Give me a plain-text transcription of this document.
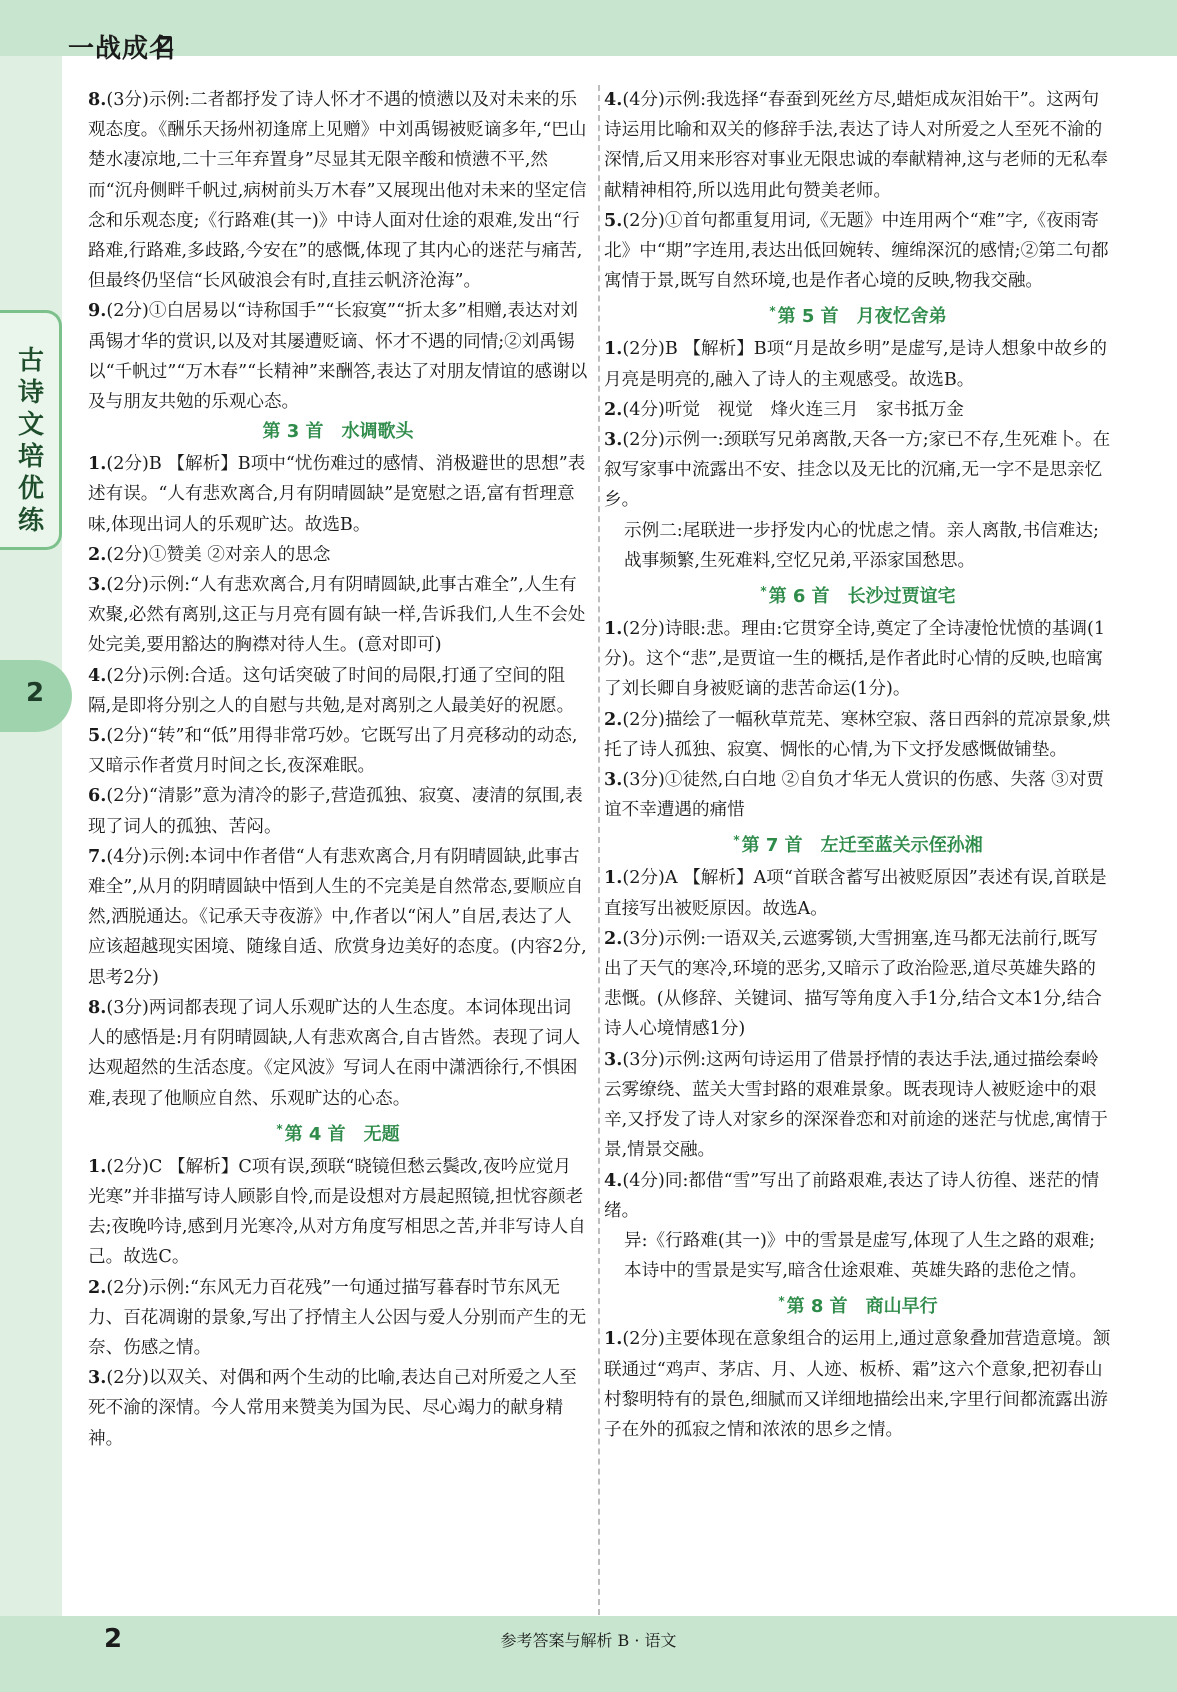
一战成名
古诗文培优练
2
8.(3分)示例:二者都抒发了诗人怀才不遇的愤懑以及对未来的乐观态度。《酬乐天扬州初逢席上见赠》中刘禹锡被贬谪多年,“巴山楚水凄凉地,二十三年弃置身”尽显其无限辛酸和愤懑不平,然而“沉舟侧畔千帆过,病树前头万木春”又展现出他对未来的坚定信念和乐观态度;《行路难(其一)》中诗人面对仕途的艰难,发出“行路难,行路难,多歧路,今安在”的感慨,体现了其内心的迷茫与痛苦,但最终仍坚信“长风破浪会有时,直挂云帆济沧海”。
9.(2分)①白居易以“诗称国手”“长寂寞”“折太多”相赠,表达对刘禹锡才华的赏识,以及对其屡遭贬谪、怀才不遇的同情;②刘禹锡以“千帆过”“万木春”“长精神”来酬答,表达了对朋友情谊的感谢以及与朋友共勉的乐观心态。
第 3 首　水调歌头
1.(2分)B 【解析】B项中“忧伤难过的感情、消极避世的思想”表述有误。“人有悲欢离合,月有阴晴圆缺”是宽慰之语,富有哲理意味,体现出词人的乐观旷达。故选B。
2.(2分)①赞美 ②对亲人的思念
3.(2分)示例:“人有悲欢离合,月有阴晴圆缺,此事古难全”,人生有欢聚,必然有离别,这正与月亮有圆有缺一样,告诉我们,人生不会处处完美,要用豁达的胸襟对待人生。(意对即可)
4.(2分)示例:合适。这句话突破了时间的局限,打通了空间的阻隔,是即将分别之人的自慰与共勉,是对离别之人最美好的祝愿。
5.(2分)“转”和“低”用得非常巧妙。它既写出了月亮移动的动态,又暗示作者赏月时间之长,夜深难眠。
6.(2分)“清影”意为清冷的影子,营造孤独、寂寞、凄清的氛围,表现了词人的孤独、苦闷。
7.(4分)示例:本词中作者借“人有悲欢离合,月有阴晴圆缺,此事古难全”,从月的阴晴圆缺中悟到人生的不完美是自然常态,要顺应自然,洒脱通达。《记承天寺夜游》中,作者以“闲人”自居,表达了人应该超越现实困境、随缘自适、欣赏身边美好的态度。(内容2分,思考2分)
8.(3分)两词都表现了词人乐观旷达的人生态度。本词体现出词人的感悟是:月有阴晴圆缺,人有悲欢离合,自古皆然。表现了词人达观超然的生活态度。《定风波》写词人在雨中潇洒徐行,不惧困难,表现了他顺应自然、乐观旷达的心态。
* 第 4 首　无题
1.(2分)C 【解析】C项有误,颈联“晓镜但愁云鬓改,夜吟应觉月光寒”并非描写诗人顾影自怜,而是设想对方晨起照镜,担忧容颜老去;夜晚吟诗,感到月光寒冷,从对方角度写相思之苦,并非写诗人自己。故选C。
2.(2分)示例:“东风无力百花残”一句通过描写暮春时节东风无力、百花凋谢的景象,写出了抒情主人公因与爱人分别而产生的无奈、伤感之情。
3.(2分)以双关、对偶和两个生动的比喻,表达自己对所爱之人至死不渝的深情。今人常用来赞美为国为民、尽心竭力的献身精神。
4.(4分)示例:我选择“春蚕到死丝方尽,蜡炬成灰泪始干”。这两句诗运用比喻和双关的修辞手法,表达了诗人对所爱之人至死不渝的深情,后又用来形容对事业无限忠诚的奉献精神,这与老师的无私奉献精神相符,所以选用此句赞美老师。
5.(2分)①首句都重复用词,《无题》中连用两个“难”字,《夜雨寄北》中“期”字连用,表达出低回婉转、缠绵深沉的感情;②第二句都寓情于景,既写自然环境,也是作者心境的反映,物我交融。
* 第 5 首　月夜忆舍弟
1.(2分)B 【解析】B项“月是故乡明”是虚写,是诗人想象中故乡的月亮是明亮的,融入了诗人的主观感受。故选B。
2.(4分)听觉　视觉　烽火连三月　家书抵万金
3.(2分)示例一:颈联写兄弟离散,天各一方;家已不存,生死难卜。在叙写家事中流露出不安、挂念以及无比的沉痛,无一字不是思亲忆乡。
示例二:尾联进一步抒发内心的忧虑之情。亲人离散,书信难达;战事频繁,生死难料,空忆兄弟,平添家国愁思。
* 第 6 首　长沙过贾谊宅
1.(2分)诗眼:悲。理由:它贯穿全诗,奠定了全诗凄怆忧愤的基调(1分)。这个“悲”,是贾谊一生的概括,是作者此时心情的反映,也暗寓了刘长卿自身被贬谪的悲苦命运(1分)。
2.(2分)描绘了一幅秋草荒芜、寒林空寂、落日西斜的荒凉景象,烘托了诗人孤独、寂寞、惆怅的心情,为下文抒发感慨做铺垫。
3.(3分)①徒然,白白地 ②自负才华无人赏识的伤感、失落 ③对贾谊不幸遭遇的痛惜
* 第 7 首　左迁至蓝关示侄孙湘
1.(2分)A 【解析】A项“首联含蓄写出被贬原因”表述有误,首联是直接写出被贬原因。故选A。
2.(3分)示例:一语双关,云遮雾锁,大雪拥塞,连马都无法前行,既写出了天气的寒冷,环境的恶劣,又暗示了政治险恶,道尽英雄失路的悲慨。(从修辞、关键词、描写等角度入手1分,结合文本1分,结合诗人心境情感1分)
3.(3分)示例:这两句诗运用了借景抒情的表达手法,通过描绘秦岭云雾缭绕、蓝关大雪封路的艰难景象。既表现诗人被贬途中的艰辛,又抒发了诗人对家乡的深深眷恋和对前途的迷茫与忧虑,寓情于景,情景交融。
4.(4分)同:都借“雪”写出了前路艰难,表达了诗人彷徨、迷茫的情绪。
异:《行路难(其一)》中的雪景是虚写,体现了人生之路的艰难;本诗中的雪景是实写,暗含仕途艰难、英雄失路的悲伧之情。
* 第 8 首　商山早行
1.(2分)主要体现在意象组合的运用上,通过意象叠加营造意境。颔联通过“鸡声、茅店、月、人迹、板桥、霜”这六个意象,把初春山村黎明特有的景色,细腻而又详细地描绘出来,字里行间都流露出游子在外的孤寂之情和浓浓的思乡之情。
2	参考答案与解析 B · 语文
